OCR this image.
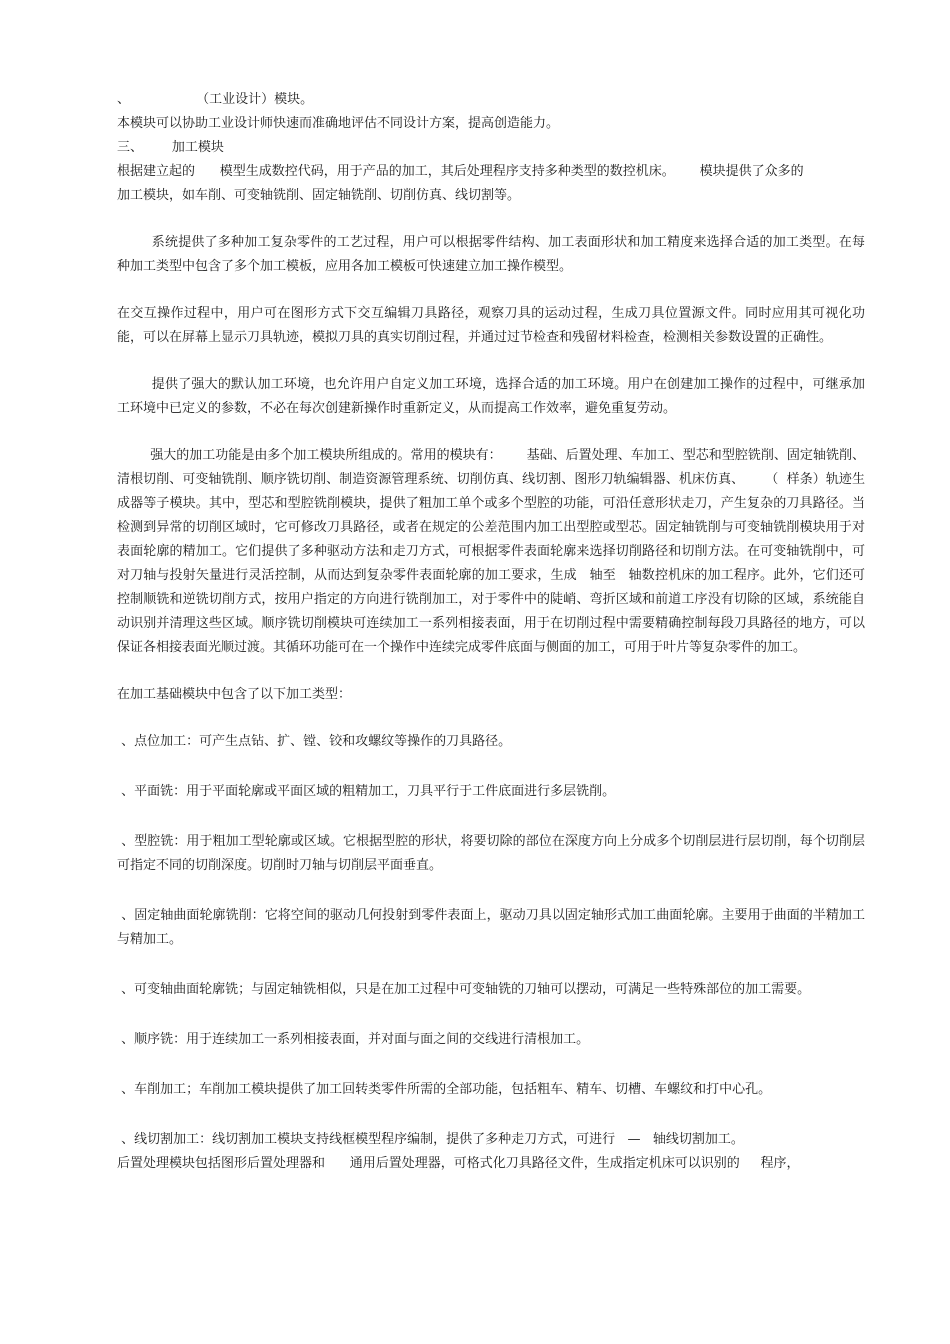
、                （工业设计）模块。
本模块可以协助工业设计师快速而准确地评估不同设计方案，提高创造能力。
三、       加工模块
根据建立起的      模型生成数控代码，用于产品的加工，其后处理程序支持多种类型的数控机床。      模块提供了众多的
加工模块，如车削、可变轴铣削、固定轴铣削、切削仿真、线切割等。

系统提供了多种加工复杂零件的工艺过程，用户可以根据零件结构、加工表面形状和加工精度来选择合适的加工类型。在每种加工类型中包含了多个加工模板，应用各加工模板可快速建立加工操作模型。

在交互操作过程中，用户可在图形方式下交互编辑刀具路径，观察刀具的运动过程，生成刀具位置源文件。同时应用其可视化功能，可以在屏幕上显示刀具轨迹，模拟刀具的真实切削过程，并通过过节检查和残留材料检查，检测相关参数设置的正确性。

提供了强大的默认加工环境，也允许用户自定义加工环境，选择合适的加工环境。用户在创建加工操作的过程中，可继承加工环境中已定义的参数，不必在每次创建新操作时重新定义，从而提高工作效率，避免重复劳动。

强大的加工功能是由多个加工模块所组成的。常用的模块有：      基础、后置处理、车加工、型芯和型腔铣削、固定轴铣削、清根切削、可变轴铣削、顺序铣切削、制造资源管理系统、切削仿真、线切割、图形刀轨编辑器、机床仿真、     （  样条）轨迹生成器等子模块。其中，型芯和型腔铣削模块，提供了粗加工单个或多个型腔的功能，可沿任意形状走刀，产生复杂的刀具路径。当检测到异常的切削区域时，它可修改刀具路径，或者在规定的公差范围内加工出型腔或型芯。固定轴铣削与可变轴铣削模块用于对表面轮廓的精加工。它们提供了多种驱动方法和走刀方式，可根据零件表面轮廓来选择切削路径和切削方法。在可变轴铣削中，可对刀轴与投射矢量进行灵活控制，从而达到复杂零件表面轮廓的加工要求，生成   轴至   轴数控机床的加工程序。此外，它们还可控制顺铣和逆铣切削方式，按用户指定的方向进行铣削加工，对于零件中的陡峭、弯折区域和前道工序没有切除的区域，系统能自动识别并清理这些区域。顺序铣切削模块可连续加工一系列相接表面，用于在切削过程中需要精确控制每段刀具路径的地方，可以保证各相接表面光顺过渡。其循环功能可在一个操作中连续完成零件底面与侧面的加工，可用于叶片等复杂零件的加工。

在加工基础模块中包含了以下加工类型：

、点位加工：可产生点钻、扩、镗、铰和攻螺纹等操作的刀具路径。

、平面铣：用于平面轮廓或平面区域的粗精加工，刀具平行于工件底面进行多层铣削。

、型腔铣：用于粗加工型轮廓或区域。它根据型腔的形状，将要切除的部位在深度方向上分成多个切削层进行层切削，每个切削层可指定不同的切削深度。切削时刀轴与切削层平面垂直。

、固定轴曲面轮廓铣削：它将空间的驱动几何投射到零件表面上，驱动刀具以固定轴形式加工曲面轮廓。主要用于曲面的半精加工与精加工。

、可变轴曲面轮廓铣；与固定轴铣相似，只是在加工过程中可变轴铣的刀轴可以摆动，可满足一些特殊部位的加工需要。

、顺序铣：用于连续加工一系列相接表面，并对面与面之间的交线进行清根加工。

、车削加工；车削加工模块提供了加工回转类零件所需的全部功能，包括粗车、精车、切槽、车螺纹和打中心孔。

、线切割加工：线切割加工模块支持线框模型程序编制，提供了多种走刀方式，可进行   —   轴线切割加工。

后置处理模块包括图形后置处理器和      通用后置处理器，可格式化刀具路径文件，生成指定机床可以识别的     程序，
